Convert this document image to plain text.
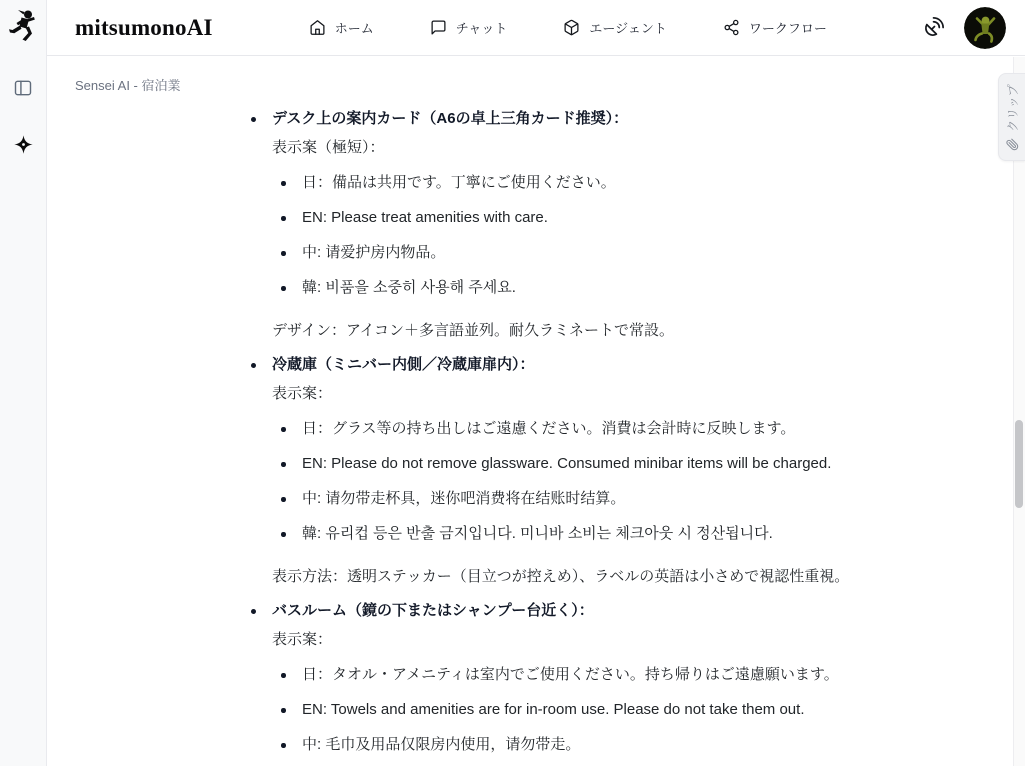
mitsumonoAI	ホーム	チャット	エージェント	ワークフロー
クリップ
Sensei AI - 宿泊業

デスク上の案内カード（A6の卓上三角カード推奨）：

表示案（極短）：

日：備品は共用です。丁寧にご使用ください。
EN: Please treat amenities with care.
中: 请爱护房内物品。
韓: 비품을 소중히 사용해 주세요.

デザイン：アイコン＋多言語並列。耐久ラミネートで常設。

冷蔵庫（ミニバー内側／冷蔵庫扉内）：

表示案：

日：グラス等の持ち出しはご遠慮ください。消費は会計時に反映します。
EN: Please do not remove glassware. Consumed minibar items will be charged.
中: 请勿带走杯具，迷你吧消费将在结账时结算。
韓: 유리컵 등은 반출 금지입니다. 미니바 소비는 체크아웃 시 정산됩니다.

表示方法：透明ステッカー（目立つが控えめ）、ラベルの英語は小さめで視認性重視。

バスルーム（鏡の下またはシャンプー台近く）：

表示案：

日：タオル・アメニティは室内でご使用ください。持ち帰りはご遠慮願います。
EN: Towels and amenities are for in-room use. Please do not take them out.
中: 毛巾及用品仅限房内使用，请勿带走。
